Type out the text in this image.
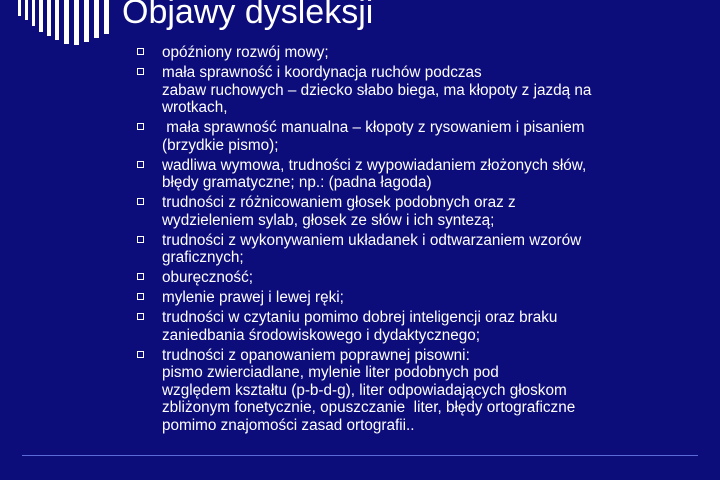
Objawy dysleksji
opóźniony rozwój mowy;
mała sprawność i koordynacja ruchów podczas
zabaw ruchowych – dziecko słabo biega, ma kłopoty z jazdą na
wrotkach,
mała sprawność manualna – kłopoty z rysowaniem i pisaniem
(brzydkie pismo);
wadliwa wymowa, trudności z wypowiadaniem złożonych słów,
błędy gramatyczne; np.: (padna łagoda)
trudności z różnicowaniem głosek podobnych oraz z
wydzieleniem sylab, głosek ze słów i ich syntezą;
trudności z wykonywaniem układanek i odtwarzaniem wzorów
graficznych;
oburęczność;
mylenie prawej i lewej ręki;
trudności w czytaniu pomimo dobrej inteligencji oraz braku
zaniedbania środowiskowego i dydaktycznego;
trudności z opanowaniem poprawnej pisowni:
pismo zwierciadlane, mylenie liter podobnych pod
względem kształtu (p-b-d-g), liter odpowiadających głoskom
zbliżonym fonetycznie, opuszczanie  liter, błędy ortograficzne
pomimo znajomości zasad ortografii..
